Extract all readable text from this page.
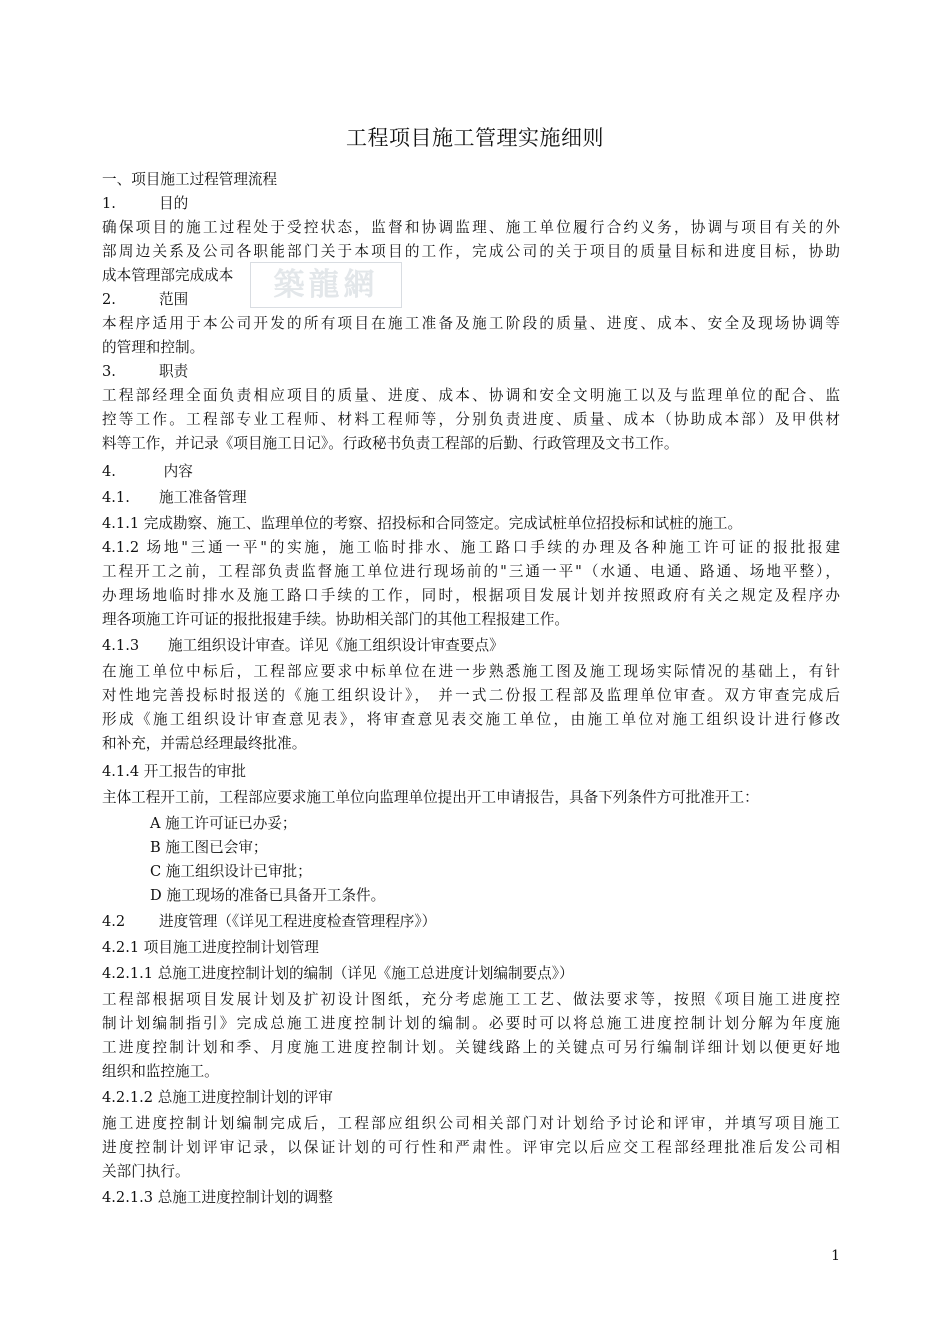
工程项目施工管理实施细则
一、项目施工过程管理流程
1.	目的
确保项目的施工过程处于受控状态，监督和协调监理、施工单位履行合约义务，协调与项目有关的外
部周边关系及公司各职能部门关于本项目的工作，完成公司的关于项目的质量目标和进度目标，协助
成本管理部完成成本	築龍網
2.	范围
本程序适用于本公司开发的所有项目在施工准备及施工阶段的质量、进度、成本、安全及现场协调等
的管理和控制。
3.	职责
工程部经理全面负责相应项目的质量、进度、成本、协调和安全文明施工以及与监理单位的配合、监
控等工作。工程部专业工程师、材料工程师等，分别负责进度、质量、成本（协助成本部）及甲供材
料等工作，并记录《项目施工日记》。行政秘书负责工程部的后勤、行政管理及文书工作。
4.	内容
4.1. 施工准备管理
4.1.1 完成勘察、施工、监理单位的考察、招投标和合同签定。完成试桩单位招投标和试桩的施工。
4.1.2 场地"三通一平"的实施，施工临时排水、施工路口手续的办理及各种施工许可证的报批报建
工程开工之前，工程部负责监督施工单位进行现场前的"三通一平"（水通、电通、路通、场地平整），
办理场地临时排水及施工路口手续的工作，同时，根据项目发展计划并按照政府有关之规定及程序办
理各项施工许可证的报批报建手续。协助相关部门的其他工程报建工作。
4.1.3 施工组织设计审查。详见《施工组织设计审查要点》
在施工单位中标后，工程部应要求中标单位在进一步熟悉施工图及施工现场实际情况的基础上，有针
对性地完善投标时报送的《施工组织设计》， 并一式二份报工程部及监理单位审查。双方审查完成后
形成《施工组织设计审查意见表》，将审查意见表交施工单位，由施工单位对施工组织设计进行修改
和补充，并需总经理最终批准。
4.1.4 开工报告的审批
主体工程开工前，工程部应要求施工单位向监理单位提出开工申请报告，具备下列条件方可批准开工：
A 施工许可证已办妥；
B 施工图已会审；
C 施工组织设计已审批；
D 施工现场的准备已具备开工条件。
4.2 进度管理（《详见工程进度检查管理程序》）
4.2.1 项目施工进度控制计划管理
4.2.1.1 总施工进度控制计划的编制（详见《施工总进度计划编制要点》）
工程部根据项目发展计划及扩初设计图纸，充分考虑施工工艺、做法要求等，按照《项目施工进度控
制计划编制指引》完成总施工进度控制计划的编制。必要时可以将总施工进度控制计划分解为年度施
工进度控制计划和季、月度施工进度控制计划。关键线路上的关键点可另行编制详细计划以便更好地
组织和监控施工。
4.2.1.2 总施工进度控制计划的评审
施工进度控制计划编制完成后，工程部应组织公司相关部门对计划给予讨论和评审，并填写项目施工
进度控制计划评审记录，以保证计划的可行性和严肃性。评审完以后应交工程部经理批准后发公司相
关部门执行。
4.2.1.3 总施工进度控制计划的调整
1
